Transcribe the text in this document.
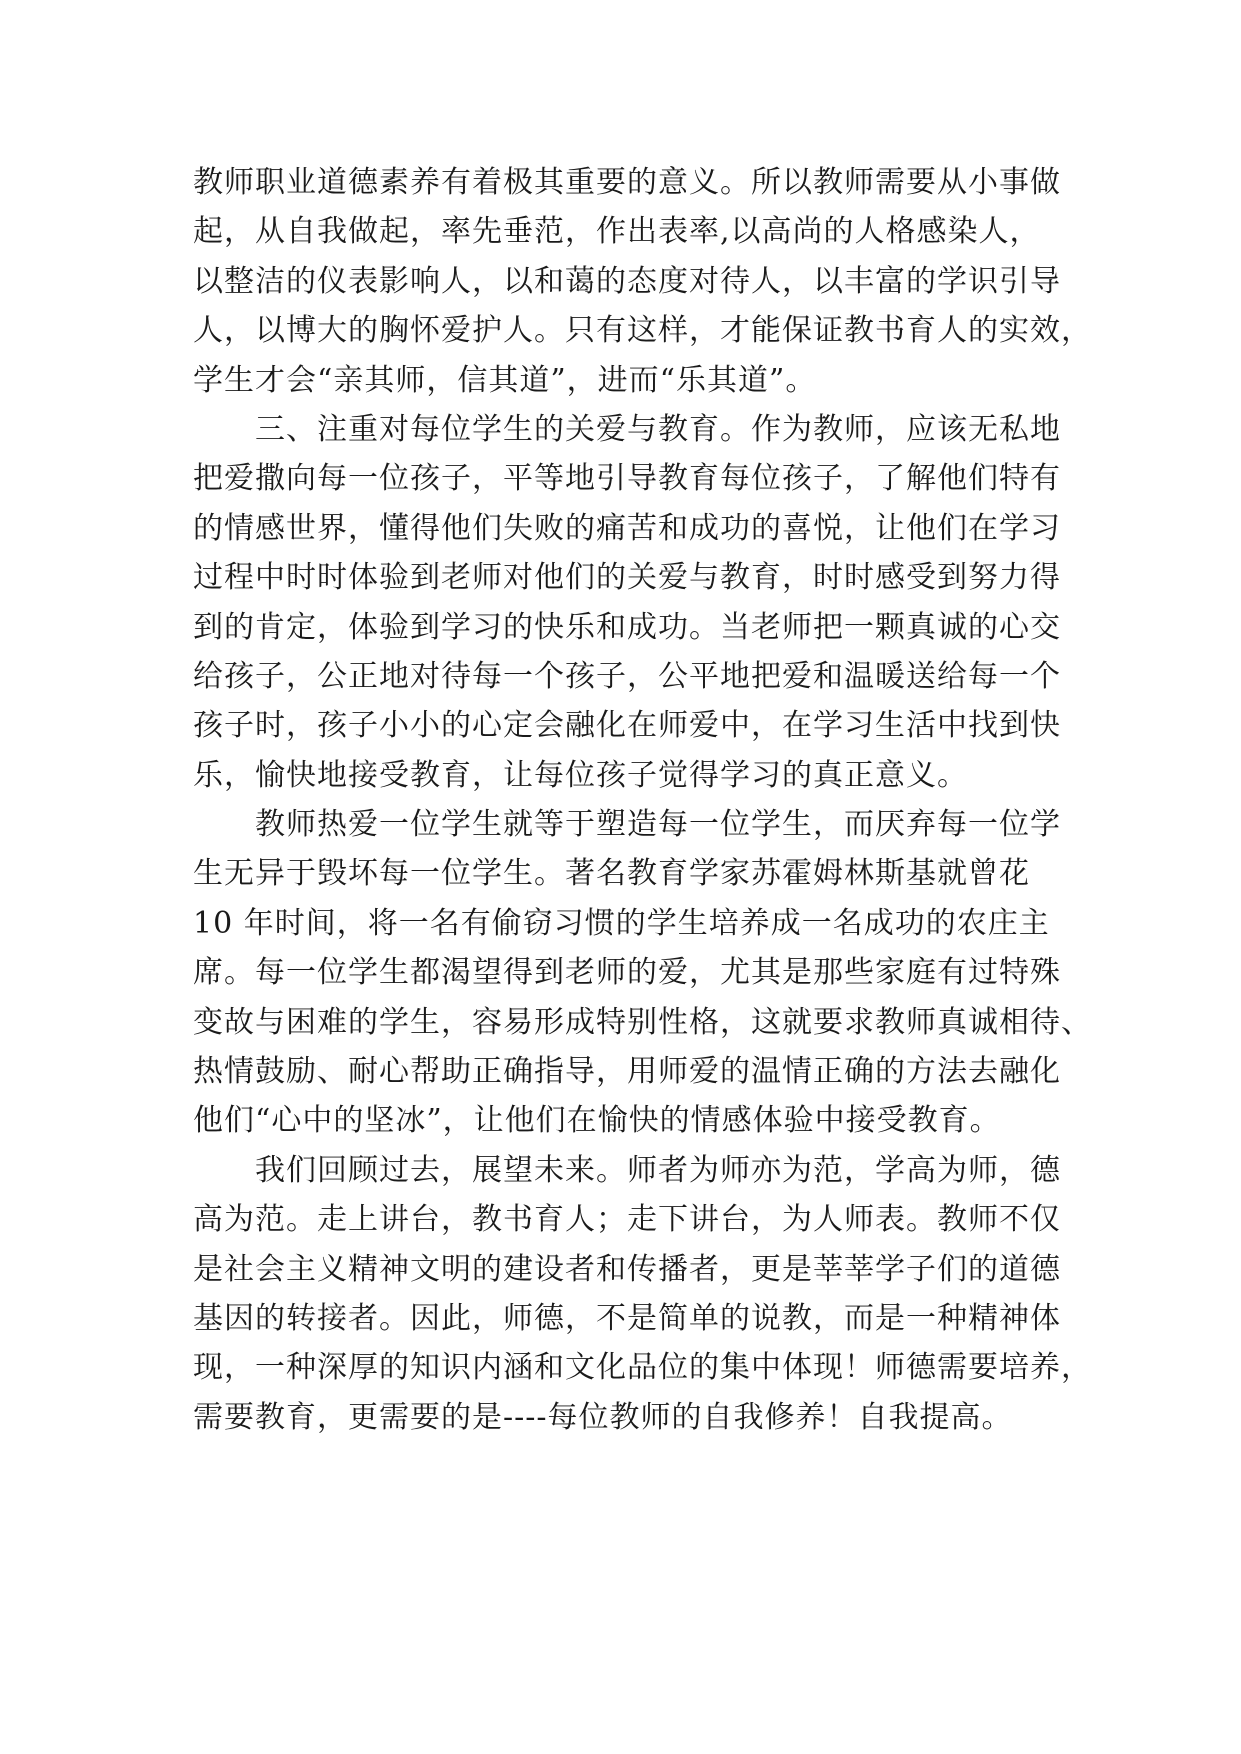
教师职业道德素养有着极其重要的意义。所以教师需要从小事做
起，从自我做起，率先垂范，作出表率,以高尚的人格感染人，
以整洁的仪表影响人，以和蔼的态度对待人，以丰富的学识引导
人，以博大的胸怀爱护人。只有这样，才能保证教书育人的实效，
学生才会“亲其师，信其道”，进而“乐其道”。
三、注重对每位学生的关爱与教育。作为教师，应该无私地
把爱撒向每一位孩子，平等地引导教育每位孩子，了解他们特有
的情感世界，懂得他们失败的痛苦和成功的喜悦，让他们在学习
过程中时时体验到老师对他们的关爱与教育，时时感受到努力得
到的肯定，体验到学习的快乐和成功。当老师把一颗真诚的心交
给孩子，公正地对待每一个孩子，公平地把爱和温暖送给每一个
孩子时，孩子小小的心定会融化在师爱中，在学习生活中找到快
乐，愉快地接受教育，让每位孩子觉得学习的真正意义。
教师热爱一位学生就等于塑造每一位学生，而厌弃每一位学
生无异于毁坏每一位学生。著名教育学家苏霍姆林斯基就曾花
10 年时间，将一名有偷窃习惯的学生培养成一名成功的农庄主
席。每一位学生都渴望得到老师的爱，尤其是那些家庭有过特殊
变故与困难的学生，容易形成特别性格，这就要求教师真诚相待、
热情鼓励、耐心帮助正确指导，用师爱的温情正确的方法去融化
他们“心中的坚冰”，让他们在愉快的情感体验中接受教育。
我们回顾过去，展望未来。师者为师亦为范，学高为师，德
高为范。走上讲台，教书育人；走下讲台，为人师表。教师不仅
是社会主义精神文明的建设者和传播者，更是莘莘学子们的道德
基因的转接者。因此，师德，不是简单的说教，而是一种精神体
现，一种深厚的知识内涵和文化品位的集中体现！师德需要培养，
需要教育，更需要的是----每位教师的自我修养！自我提高。
